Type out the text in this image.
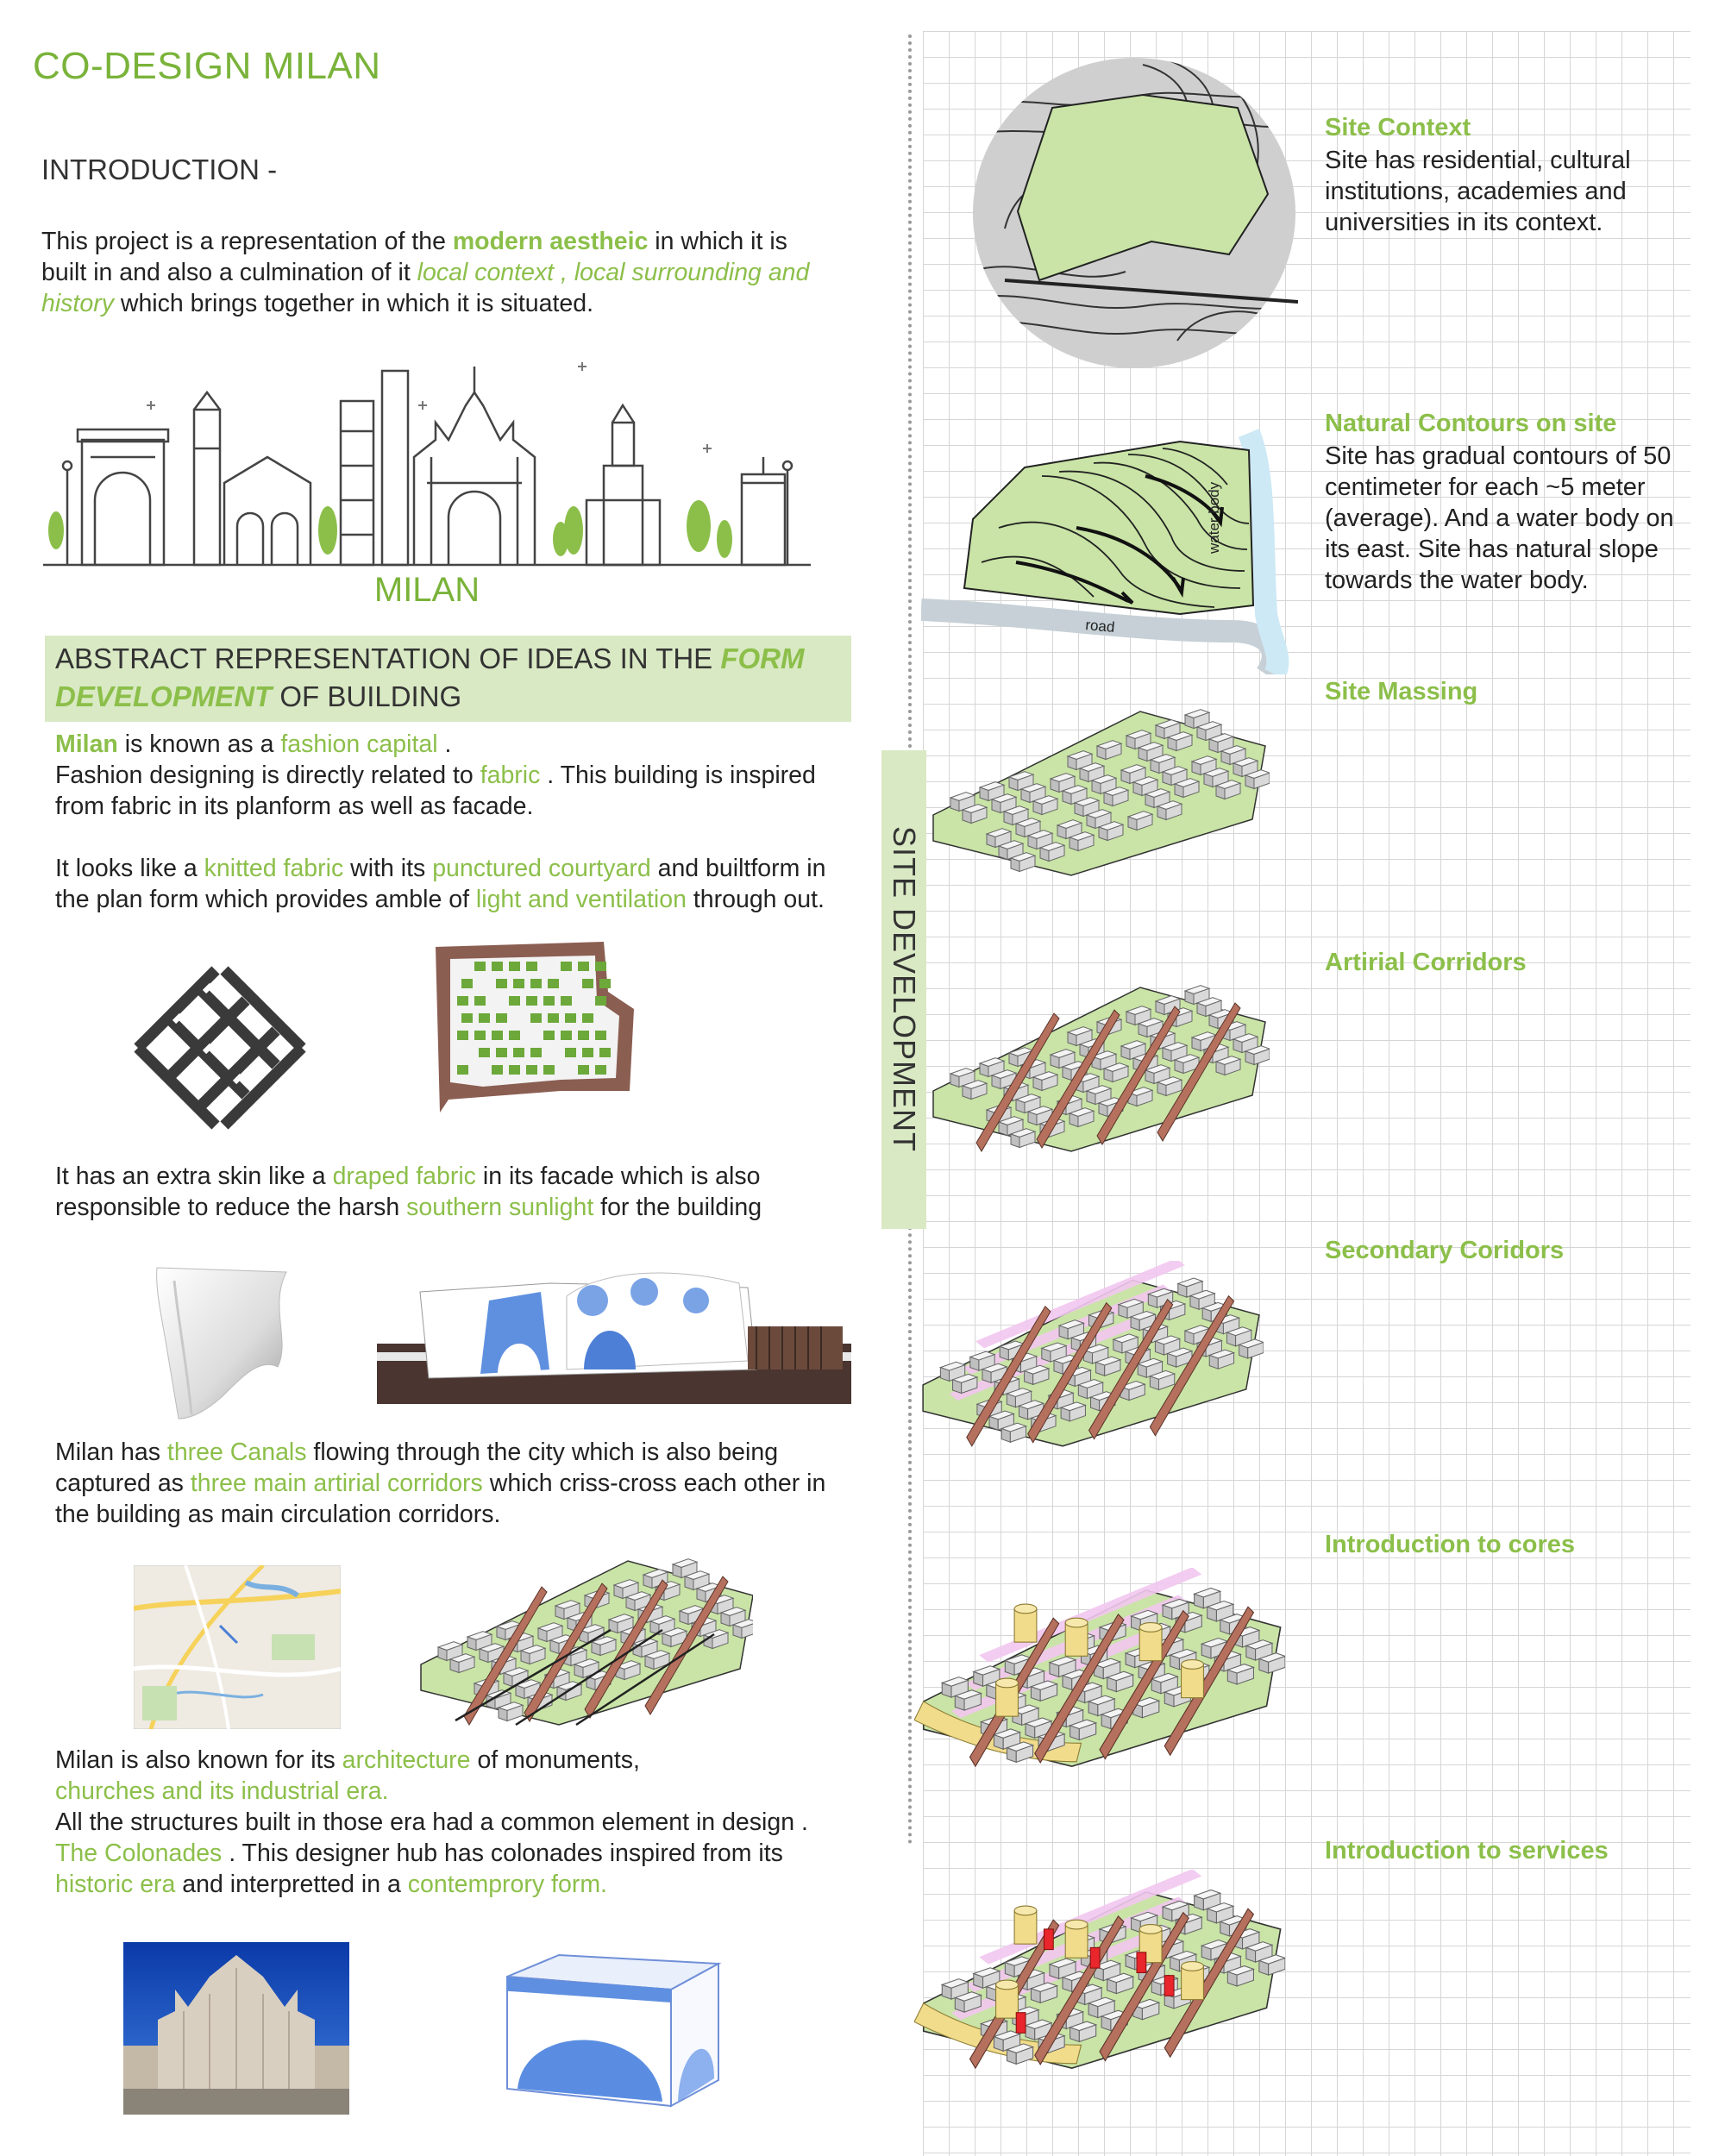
CO-DESIGN MILAN
INTRODUCTION -
This project is a representation of the modern aestheic in which it is built in and also a culmination of it local context , local surrounding and history which brings together in which it is situated.
MILAN
ABSTRACT REPRESENTATION OF IDEAS IN THE FORM DEVELOPMENT OF BUILDING
Milan is known as a fashion capital .
Fashion designing is directly related to fabric . This building is inspired from fabric in its planform as well as facade.
It looks like a knitted fabric with its punctured courtyard and builtform in the plan form which provides amble of light and ventilation through out.
It has an extra skin like a draped fabric in its facade which is also responsible to reduce the harsh southern sunlight for the building
Milan has three Canals flowing through the city which is also being captured as three main artirial corridors which criss-cross each other in the building as main circulation corridors.
Milan is also known for its architecture of monuments,
churches and its industrial era.
All the structures built in those era had a common element in design . The Colonades . This designer hub has colonades inspired from its historic era and interpretted in a contemprory form.
SITE DEVELOPMENT
Site Context
Site has residential, cultural institutions, academies and universities in its context.
water body
road
Natural Contours on site
Site has gradual contours of 50 centimeter for each ~5 meter (average). And a water body on its east. Site has natural slope towards the water body.
Site Massing
Artirial Corridors
Secondary Coridors
Introduction to cores
Introduction to services
